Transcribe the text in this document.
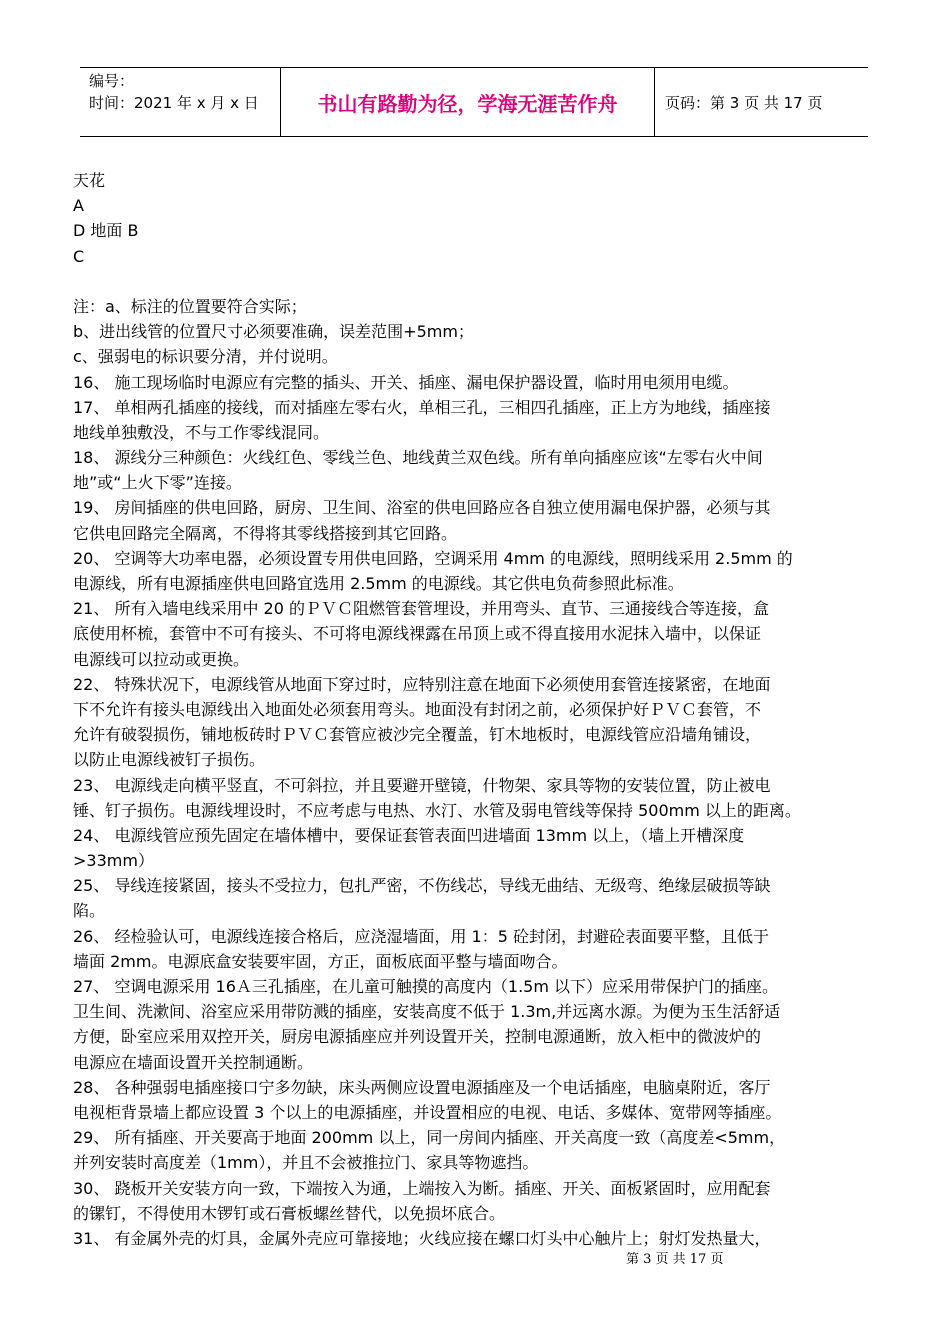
编号：
时间：2021 年 x 月 x 日	书山有路勤为径，学海无涯苦作舟	页码：第 3 页 共 17 页
天花
A
D 地面 B
C
注：a、标注的位置要符合实际；
b、进出线管的位置尺寸必须要准确，误差范围+5mm；
c、强弱电的标识要分清，并付说明。
16、 施工现场临时电源应有完整的插头、开关、插座、漏电保护器设置，临时用电须用电缆。
17、 单相两孔插座的接线，而对插座左零右火，单相三孔，三相四孔插座，正上方为地线，插座接
地线单独敷没，不与工作零线混同。
18、 源线分三种颜色：火线红色、零线兰色、地线黄兰双色线。所有单向插座应该“左零右火中间
地”或“上火下零”连接。
19、 房间插座的供电回路，厨房、卫生间、浴室的供电回路应各自独立使用漏电保护器，必须与其
它供电回路完全隔离，不得将其零线搭接到其它回路。
20、 空调等大功率电器，必须设置专用供电回路，空调采用 4mm 的电源线，照明线采用 2.5mm 的
电源线，所有电源插座供电回路宜选用 2.5mm 的电源线。其它供电负荷参照此标准。
21、 所有入墙电线采用中 20 的ＰＶＣ阻燃管套管埋设，并用弯头、直节、三通接线合等连接，盒
底使用杯梳，套管中不可有接头、不可将电源线裸露在吊顶上或不得直接用水泥抹入墙中，以保证
电源线可以拉动或更换。
22、 特殊状况下，电源线管从地面下穿过时，应特别注意在地面下必须使用套管连接紧密，在地面
下不允许有接头电源线出入地面处必须套用弯头。地面没有封闭之前，必须保护好ＰＶＣ套管，不
允许有破裂损伤，铺地板砖时ＰＶＣ套管应被沙完全覆盖，钉木地板时，电源线管应沿墙角铺设，
以防止电源线被钉子损伤。
23、 电源线走向横平竖直，不可斜拉，并且要避开壁镜，什物架、家具等物的安装位置，防止被电
锤、钉子损伤。电源线埋设时，不应考虑与电热、水汀、水管及弱电管线等保持 500mm 以上的距离。
24、 电源线管应预先固定在墙体槽中，要保证套管表面凹进墙面 13mm 以上，（墙上开槽深度
>33mm）
25、 导线连接紧固，接头不受拉力，包扎严密，不伤线芯，导线无曲结、无级弯、绝缘层破损等缺
陷。
26、 经检验认可，电源线连接合格后，应浇湿墙面，用 1：5 砼封闭，封避砼表面要平整，且低于
墙面 2mm。电源底盒安装要牢固，方正，面板底面平整与墙面吻合。
27、 空调电源采用 16Ａ三孔插座，在儿童可触摸的高度内（1.5m 以下）应采用带保护门的插座。
卫生间、洗漱间、浴室应采用带防溅的插座，安装高度不低于 1.3m,并远离水源。为便为玉生活舒适
方便，卧室应采用双控开关，厨房电源插座应并列设置开关，控制电源通断，放入柜中的微波炉的
电源应在墙面设置开关控制通断。
28、 各种强弱电插座接口宁多勿缺，床头两侧应设置电源插座及一个电话插座，电脑桌附近，客厅
电视柜背景墙上都应设置 3 个以上的电源插座，并设置相应的电视、电话、多媒体、宽带网等插座。
29、 所有插座、开关要高于地面 200mm 以上，同一房间内插座、开关高度一致（高度差<5mm，
并列安装时高度差（1mm），并且不会被推拉门、家具等物遮挡。
30、 跷板开关安装方向一致，下端按入为通，上端按入为断。插座、开关、面板紧固时，应用配套
的镙钉，不得使用木锣钉或石膏板螺丝替代，以免损坏底合。
31、 有金属外壳的灯具，金属外壳应可靠接地；火线应接在螺口灯头中心触片上；射灯发热量大，
第 3 页 共 17 页
